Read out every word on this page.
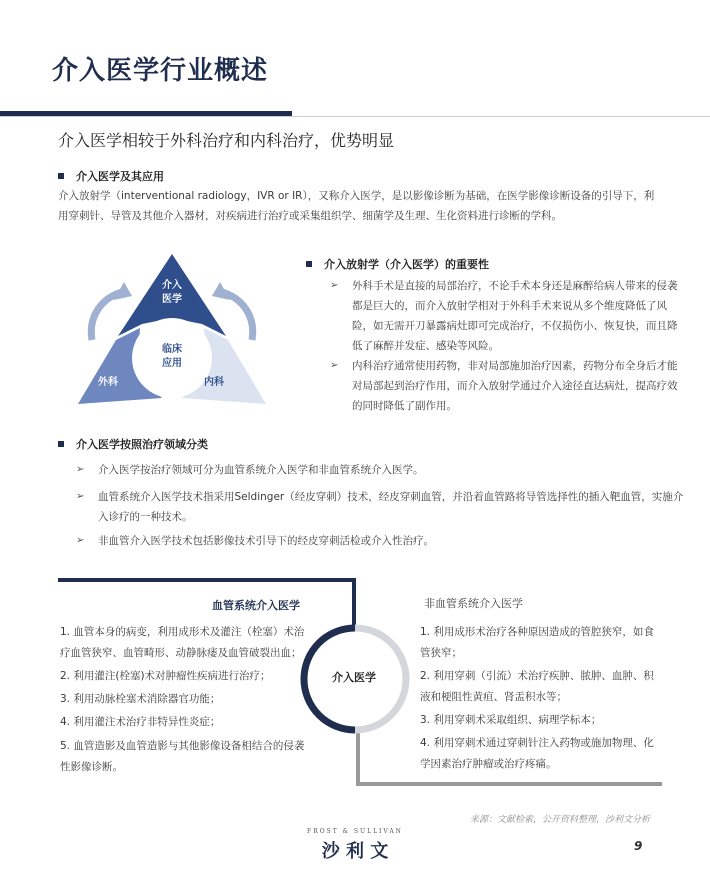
介入医学行业概述
介入医学相较于外科治疗和内科治疗，优势明显
介入医学及其应用
介入放射学（interventional radiology，IVR or IR），又称介入医学，是以影像诊断为基础，在医学影像诊断设备的引导下，利用穿刺针、导管及其他介入器材，对疾病进行治疗或采集组织学、细菌学及生理、生化资料进行诊断的学科。
介入
医学
临床
应用
外科	内科
介入放射学（介入医学）的重要性
➢ 外科手术是直接的局部治疗，不论手术本身还是麻醉给病人带来的侵袭都是巨大的，而介入放射学相对于外科手术来说从多个维度降低了风险，如无需开刀暴露病灶即可完成治疗，不仅损伤小、恢复快，而且降低了麻醉并发症、感染等风险。
➢ 内科治疗通常使用药物，非对局部施加治疗因素，药物分布全身后才能对局部起到治疗作用，而介入放射学通过介入途径直达病灶，提高疗效的同时降低了副作用。
介入医学按照治疗领域分类
➢ 介入医学按治疗领域可分为血管系统介入医学和非血管系统介入医学。
➢ 血管系统介入医学技术指采用Seldinger（经皮穿刺）技术，经皮穿刺血管，并沿着血管路将导管选择性的插入靶血管，实施介入诊疗的一种技术。
➢ 非血管介入医学技术包括影像技术引导下的经皮穿刺活检或介入性治疗。
介入医学
血管系统介入医学
1. 血管本身的病变，利用成形术及灌注（栓塞）术治疗血管狭窄、血管畸形、动静脉瘘及血管破裂出血；
2. 利用灌注(栓塞)术对肿瘤性疾病进行治疗；
3. 利用动脉栓塞术消除器官功能；
4. 利用灌注术治疗非特异性炎症；
5. 血管造影及血管造影与其他影像设备相结合的侵袭性影像诊断。
非血管系统介入医学
1. 利用成形术治疗各种原因造成的管腔狭窄，如食管狭窄；
2. 利用穿刺（引流）术治疗疾肿、脓肿、血肿、积液和梗阻性黄疸、肾盂积水等；
3. 利用穿刺术采取组织、病理学标本；
4. 利用穿刺术通过穿刺针注入药物或施加物理、化学因素治疗肿瘤或治疗疼痛。
来源：文献检索，公开资料整理，沙利文分析
FROST & SULLIVAN
沙 利 文	9
